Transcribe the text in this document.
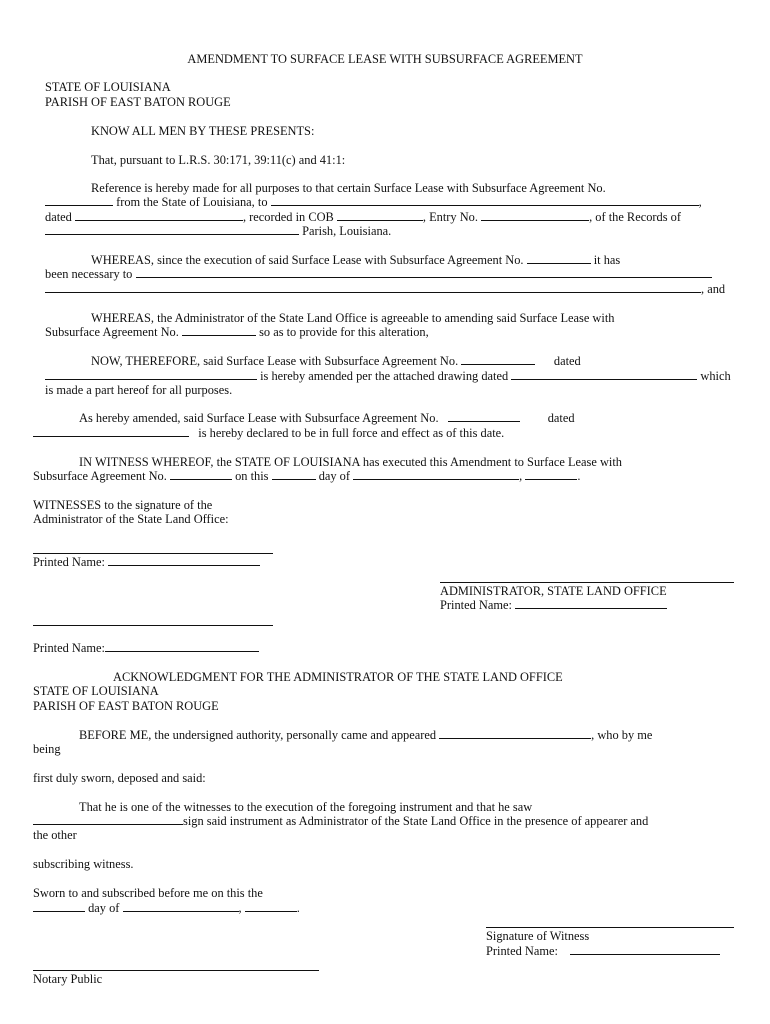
AMENDMENT TO SURFACE LEASE WITH SUBSURFACE AGREEMENT
STATE OF LOUISIANA
PARISH OF EAST BATON ROUGE
KNOW ALL MEN BY THESE PRESENTS:
That, pursuant to L.R.S. 30:171, 39:11(c) and 41:1:
Reference is hereby made for all purposes to that certain Surface Lease with Subsurface Agreement No.
from the State of Louisiana, to	,
dated	, recorded in COB	, Entry No.	, of the Records of
Parish, Louisiana.
WHEREAS, since the execution of said Surface Lease with Subsurface Agreement No.	it has
been necessary to
, and
WHEREAS, the Administrator of the State Land Office is agreeable to amending said Surface Lease with
Subsurface Agreement No.	so as to provide for this alteration,
NOW, THEREFORE, said Surface Lease with Subsurface Agreement No.	dated
is hereby amended per the attached drawing dated	which
is made a part hereof for all purposes.
As hereby amended, said Surface Lease with Subsurface Agreement No.	dated
is hereby declared to be in full force and effect as of this date.
IN WITNESS WHEREOF, the STATE OF LOUISIANA has executed this Amendment to Surface Lease with
Subsurface Agreement No.	on this	day of	,	.
WITNESSES to the signature of the
Administrator of the State Land Office:
Printed Name:
ADMINISTRATOR, STATE LAND OFFICE
Printed Name:
Printed Name:
ACKNOWLEDGMENT FOR THE ADMINISTRATOR OF THE STATE LAND OFFICE
STATE OF LOUISIANA
PARISH OF EAST BATON ROUGE
BEFORE ME, the undersigned authority, personally came and appeared	, who by me
being
first duly sworn, deposed and said:
That he is one of the witnesses to the execution of the foregoing instrument and that he saw
sign said instrument as Administrator of the State Land Office in the presence of appearer and
the other
subscribing witness.
Sworn to and subscribed before me on this the
day of	,	.
Signature of Witness
Printed Name:
Notary Public
